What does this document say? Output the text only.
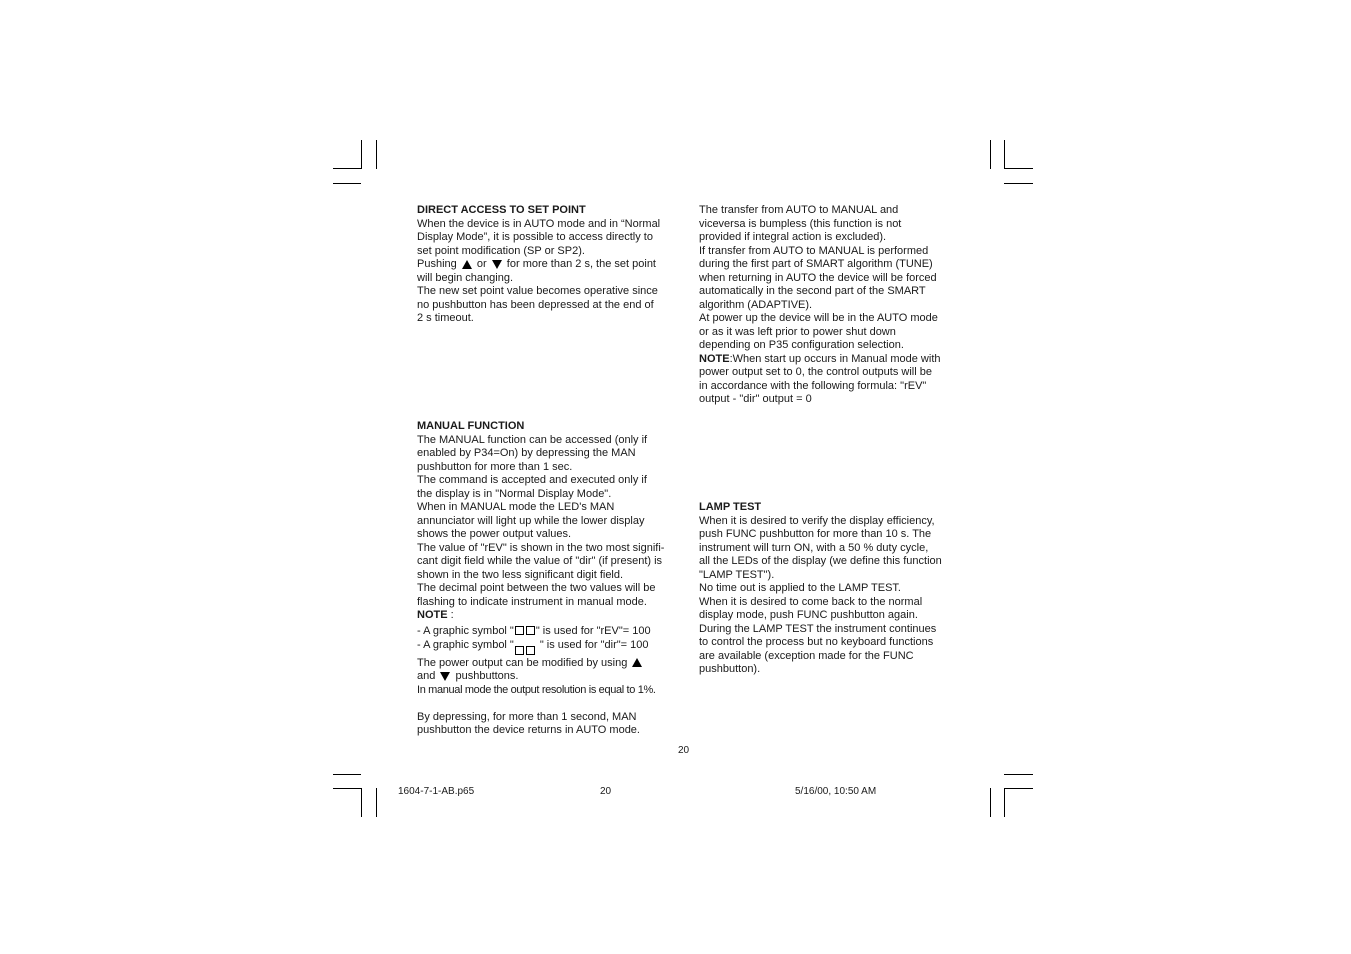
DIRECT ACCESS TO SET POINT

When the device is in AUTO mode and in “Normal

Display Mode”, it is possible to access directly to

set point modification (SP or SP2).

Pushing or for more than 2 s, the set point

will begin changing.

The new set point value becomes operative since

no pushbutton has been depressed at the end of

2 s timeout.

MANUAL FUNCTION

The MANUAL function can be accessed (only if

enabled by P34=On) by depressing the MAN

pushbutton for more than 1 sec.

The command is accepted and executed only if

the display is in "Normal Display Mode".

When in MANUAL mode the LED's MAN

annunciator will light up while the lower display

shows the power output values.

The value of "rEV" is shown in the two most signifi-

cant digit field while the value of "dir" (if present) is

shown in the two less significant digit field.

The decimal point between the two values will be

flashing to indicate instrument in manual mode.

NOTE :

- A graphic symbol " " is used for "rEV"= 100

- A graphic symbol " " is used for "dir"= 100

The power output can be modified by using

and pushbuttons.

In manual mode the output resolution is equal to 1%.

By depressing, for more than 1 second, MAN

pushbutton the device returns in AUTO mode.

The transfer from AUTO to MANUAL and

viceversa is bumpless (this function is not

provided if integral action is excluded).

If transfer from AUTO to MANUAL is performed

during the first part of SMART algorithm (TUNE)

when returning in AUTO the device will be forced

automatically in the second part of the SMART

algorithm (ADAPTIVE).

At power up the device will be in the AUTO mode

or as it was left prior to power shut down

depending on P35 configuration selection.

NOTE:When start up occurs in Manual mode with

power output set to 0, the control outputs will be

in accordance with the following formula: "rEV"

output - "dir" output = 0

LAMP TEST

When it is desired to verify the display efficiency,

push FUNC pushbutton for more than 10 s. The

instrument will turn ON, with a 50 % duty cycle,

all the LEDs of the display (we define this function

"LAMP TEST").

No time out is applied to the LAMP TEST.

When it is desired to come back to the normal

display mode, push FUNC pushbutton again.

During the LAMP TEST the instrument continues

to control the process but no keyboard functions

are available (exception made for the FUNC

pushbutton).

20
1604-7-1-AB.p65	20	5/16/00, 10:50 AM
